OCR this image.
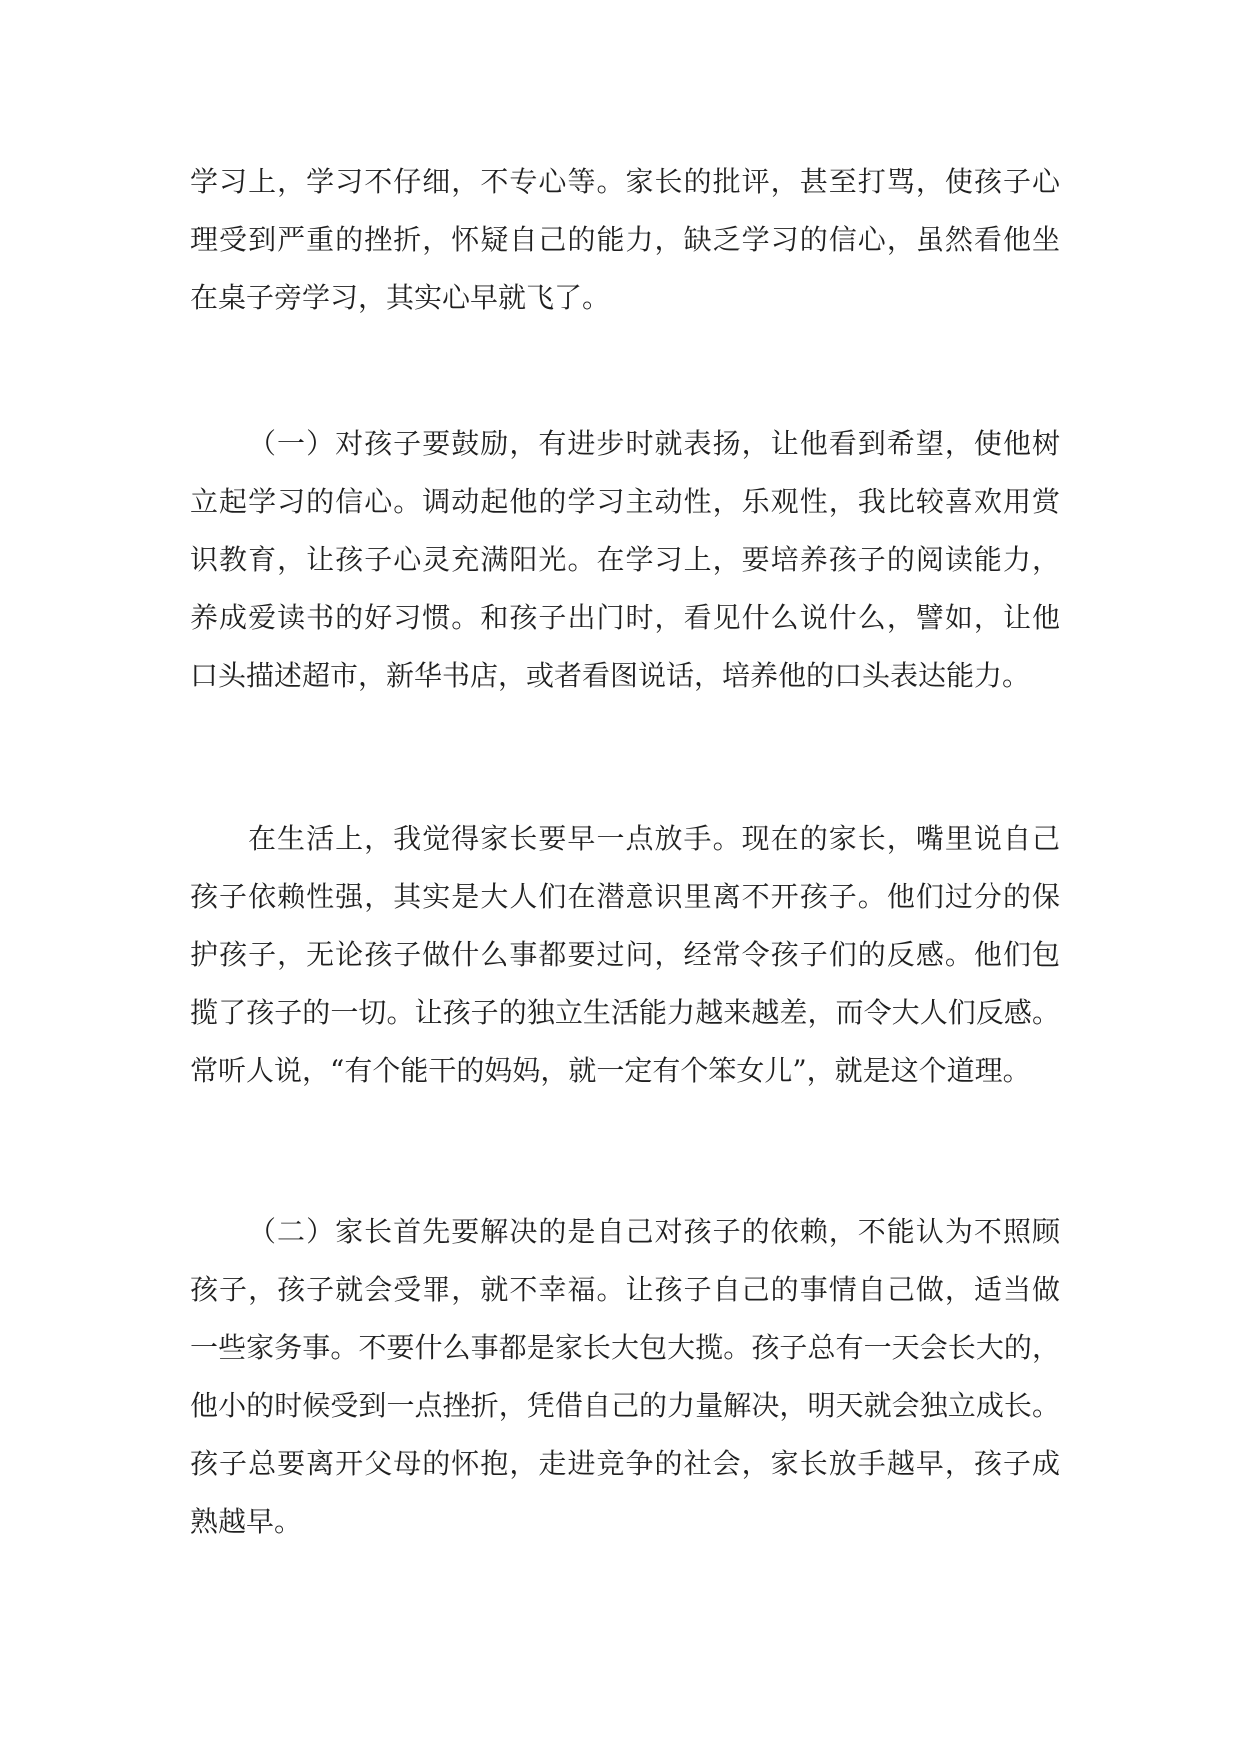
学习上，学习不仔细，不专心等。家长的批评，甚至打骂，使孩子心
理受到严重的挫折，怀疑自己的能力，缺乏学习的信心，虽然看他坐
在桌子旁学习，其实心早就飞了。
（一）对孩子要鼓励，有进步时就表扬，让他看到希望，使他树
立起学习的信心。调动起他的学习主动性，乐观性，我比较喜欢用赏
识教育，让孩子心灵充满阳光。在学习上，要培养孩子的阅读能力，
养成爱读书的好习惯。和孩子出门时，看见什么说什么，譬如，让他
口头描述超市，新华书店，或者看图说话，培养他的口头表达能力。
在生活上，我觉得家长要早一点放手。现在的家长，嘴里说自己
孩子依赖性强，其实是大人们在潜意识里离不开孩子。他们过分的保
护孩子，无论孩子做什么事都要过问，经常令孩子们的反感。他们包
揽了孩子的一切。让孩子的独立生活能力越来越差，而令大人们反感。
常听人说，“有个能干的妈妈，就一定有个笨女儿”，就是这个道理。
（二）家长首先要解决的是自己对孩子的依赖，不能认为不照顾
孩子，孩子就会受罪，就不幸福。让孩子自己的事情自己做，适当做
一些家务事。不要什么事都是家长大包大揽。孩子总有一天会长大的，
他小的时候受到一点挫折，凭借自己的力量解决，明天就会独立成长。
孩子总要离开父母的怀抱，走进竞争的社会，家长放手越早，孩子成
熟越早。
